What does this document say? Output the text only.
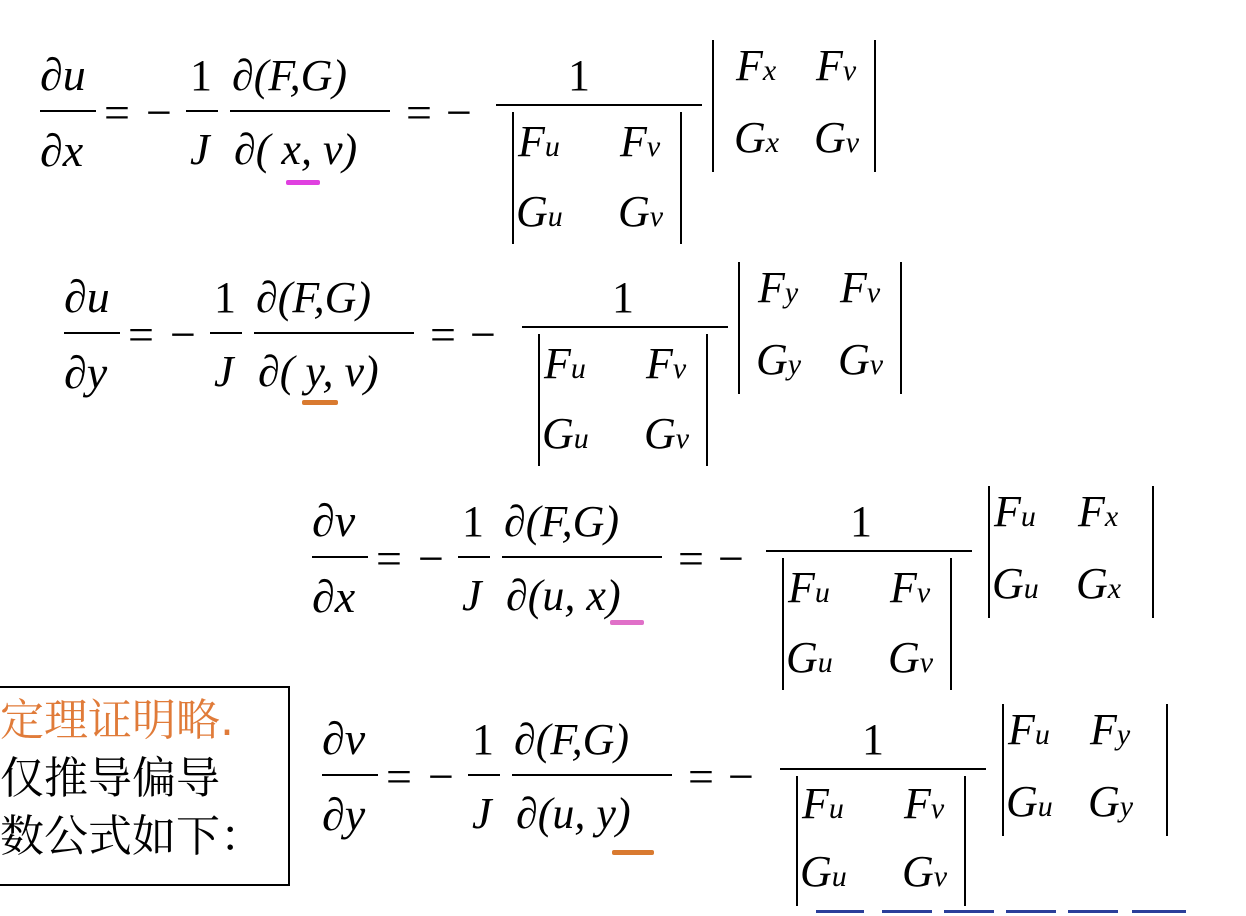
∂u
∂x
= −
1
J
∂(F,G)
∂( x, v)
= −
1
Fu Fv
Gu Gv
Fx Fv
Gx Gv
∂u
∂y
= −
1
J
∂(F,G)
∂( y, v)
= −
1
Fu Fv
Gu Gv
Fy Fv
Gy Gv
∂v
∂x
= −
1
J
∂(F,G)
∂(u, x)
= −
1
Fu Fv
Gu Gv
Fu Fx
Gu Gx
∂v
∂y
= −
1
J
∂(F,G)
∂(u, y)
= −
1
Fu Fv
Gu Gv
Fu Fy
Gu Gy
定理证明略.
仅推导偏导
数公式如下：
